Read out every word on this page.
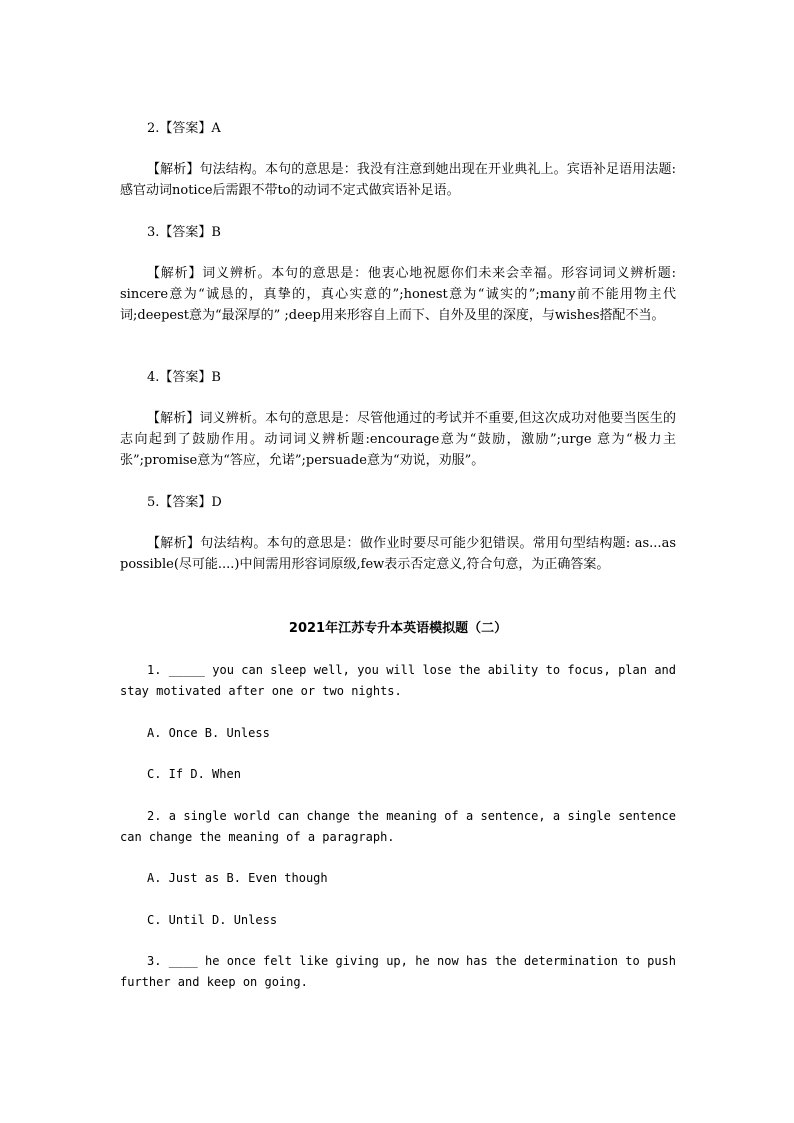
2.【答案】A

【解析】句法结构。本句的意思是：我没有注意到她出现在开业典礼上。宾语补足语用法题:感官动词notice后需跟不带to的动词不定式做宾语补足语。

3.【答案】B

【解析】词义辨析。本句的意思是：他衷心地祝愿你们未来会幸福。形容词词义辨析题: sincere意为“诚恳的，真挚的，真心实意的”;honest意为“诚实的”;many前不能用物主代词;deepest意为“最深厚的” ;deep用来形容自上而下、自外及里的深度，与wishes搭配不当。

4.【答案】B

【解析】词义辨析。本句的意思是：尽管他通过的考试并不重要,但这次成功对他要当医生的志向起到了鼓励作用。动词词义辨析题:encourage意为“鼓励，激励”;urge 意为“极力主张”;promise意为“答应，允诺”;persuade意为“劝说，劝服”。

5.【答案】D

【解析】句法结构。本句的意思是：做作业时要尽可能少犯错误。常用句型结构题: as...as possible(尽可能....)中间需用形容词原级,few表示否定意义,符合句意，为正确答案。

2021年江苏专升本英语模拟题（二）

1. _____ you can sleep well, you will lose the ability to focus, plan and stay motivated after one or two nights.

A. Once B. Unless

C. If D. When

2. a single world can change the meaning of a sentence, a single sentence can change the meaning of a paragraph.

A. Just as B. Even though

C. Until D. Unless

3. ____ he once felt like giving up, he now has the determination to push further and keep on going.
